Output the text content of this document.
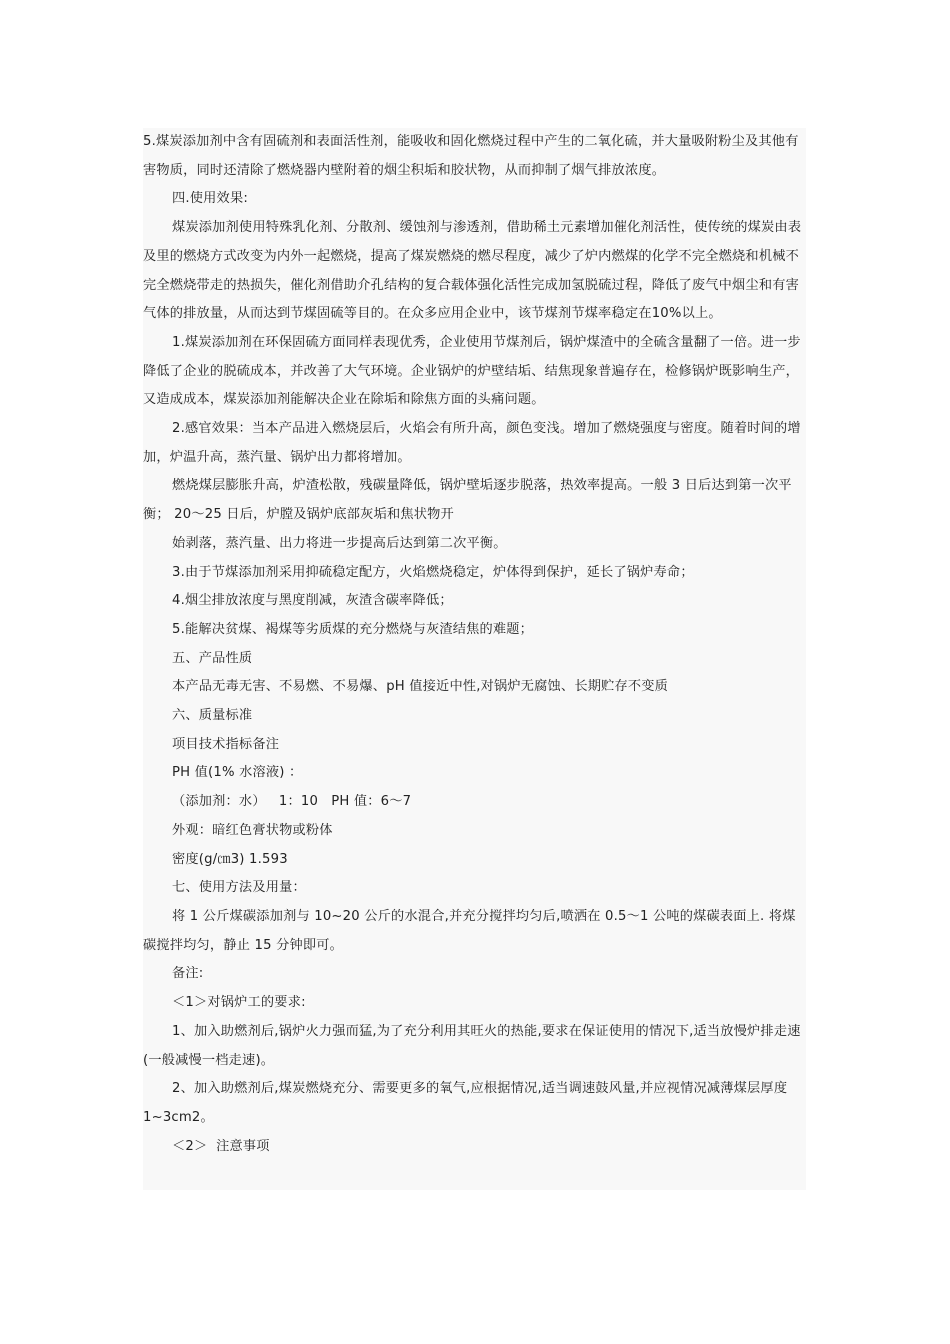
5.煤炭添加剂中含有固硫剂和表面活性剂，能吸收和固化燃烧过程中产生的二氧化硫，并大量吸附粉尘及其他有害物质，同时还清除了燃烧器内壁附着的烟尘积垢和胶状物，从而抑制了烟气排放浓度。

四.使用效果:

煤炭添加剂使用特殊乳化剂、分散剂、缓蚀剂与渗透剂，借助稀土元素增加催化剂活性，使传统的煤炭由表及里的燃烧方式改变为内外一起燃烧，提高了煤炭燃烧的燃尽程度，减少了炉内燃煤的化学不完全燃烧和机械不完全燃烧带走的热损失，催化剂借助介孔结构的复合载体强化活性完成加氢脱硫过程，降低了废气中烟尘和有害气体的排放量，从而达到节煤固硫等目的。在众多应用企业中，该节煤剂节煤率稳定在10%以上。

1.煤炭添加剂在环保固硫方面同样表现优秀，企业使用节煤剂后，锅炉煤渣中的全硫含量翻了一倍。进一步降低了企业的脱硫成本，并改善了大气环境。企业锅炉的炉壁结垢、结焦现象普遍存在，检修锅炉既影响生产，又造成成本，煤炭添加剂能解决企业在除垢和除焦方面的头痛问题。

2.感官效果：当本产品进入燃烧层后，火焰会有所升高，颜色变浅。增加了燃烧强度与密度。随着时间的增加，炉温升高，蒸汽量、锅炉出力都将增加。

燃烧煤层膨胀升高，炉渣松散，残碳量降低，锅炉壁垢逐步脱落，热效率提高。一般 3 日后达到第一次平衡； 20～25 日后，炉膛及锅炉底部灰垢和焦状物开

始剥落，蒸汽量、出力将进一步提高后达到第二次平衡。

3.由于节煤添加剂采用抑硫稳定配方，火焰燃烧稳定，炉体得到保护，延长了锅炉寿命；

4.烟尘排放浓度与黑度削减，灰渣含碳率降低；

5.能解决贫煤、褐煤等劣质煤的充分燃烧与灰渣结焦的难题；

五、产品性质

本产品无毒无害、不易燃、不易爆、pH 值接近中性,对锅炉无腐蚀、长期贮存不变质

六、质量标准

项目技术指标备注

PH 值(1% 水溶液) ：

（添加剂：水）   1：10   PH 值：6～7

外观：暗红色膏状物或粉体

密度(g/㎝3) 1.593

七、使用方法及用量：

将 1 公斤煤碳添加剂与 10~20 公斤的水混合,并充分搅拌均匀后,喷洒在 0.5～1 公吨的煤碳表面上. 将煤碳搅拌均匀，静止 15 分钟即可。

备注:

＜1＞对锅炉工的要求:

1、加入助燃剂后,锅炉火力强而猛,为了充分利用其旺火的热能,要求在保证使用的情况下,适当放慢炉排走速(一般减慢一档走速)。

2、加入助燃剂后,煤炭燃烧充分、需要更多的氧气,应根据情况,适当调速鼓风量,并应视情况减薄煤层厚度 1~3cm2。

＜2＞  注意事项
